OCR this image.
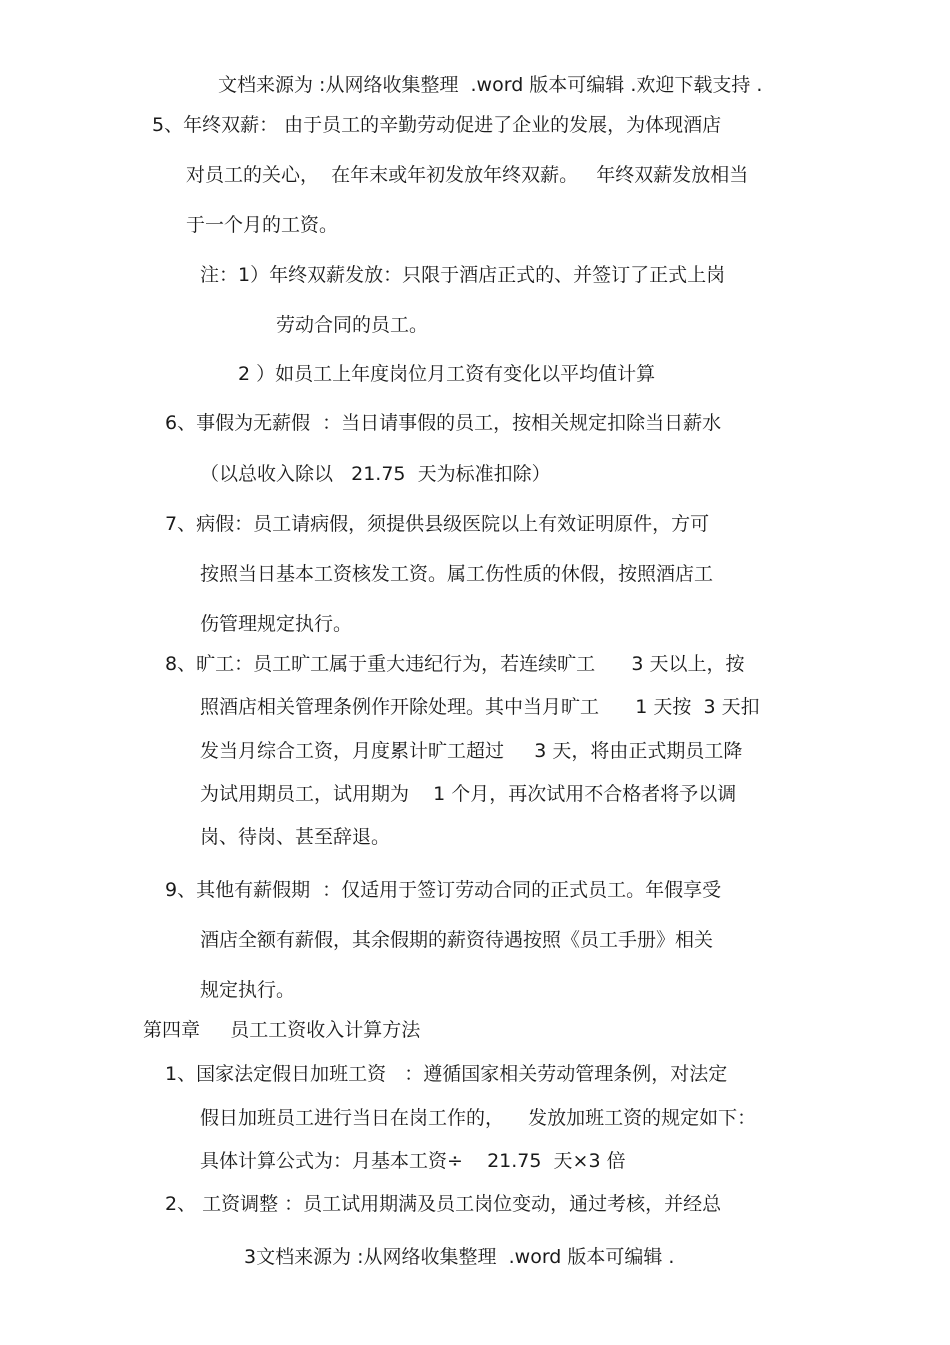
文档来源为 :从网络收集整理  .word 版本可编辑 .欢迎下载支持 .

5、年终双薪： 由于员工的辛勤劳动促进了企业的发展，为体现酒店

对员工的关心，  在年末或年初发放年终双薪。   年终双薪发放相当

于一个月的工资。

注：1）年终双薪发放：只限于酒店正式的、并签订了正式上岗

劳动合同的员工。

2 ）如员工上年度岗位月工资有变化以平均值计算

6、事假为无薪假  ：当日请事假的员工，按相关规定扣除当日薪水

（以总收入除以   21.75  天为标准扣除）

7、病假：员工请病假，须提供县级医院以上有效证明原件，方可

按照当日基本工资核发工资。属工伤性质的休假，按照酒店工

伤管理规定执行。

8、旷工：员工旷工属于重大违纪行为，若连续旷工      3 天以上，按

照酒店相关管理条例作开除处理。其中当月旷工      1 天按  3 天扣

发当月综合工资，月度累计旷工超过     3 天，将由正式期员工降

为试用期员工，试用期为    1 个月，再次试用不合格者将予以调

岗、待岗、甚至辞退。

9、其他有薪假期  ：仅适用于签订劳动合同的正式员工。年假享受

酒店全额有薪假，其余假期的薪资待遇按照《员工手册》相关

规定执行。

第四章     员工工资收入计算方法

1、国家法定假日加班工资   ：遵循国家相关劳动管理条例，对法定

假日加班员工进行当日在岗工作的，    发放加班工资的规定如下：

具体计算公式为：月基本工资÷    21.75  天×3 倍

2、 工资调整 ：员工试用期满及员工岗位变动，通过考核，并经总

3文档来源为 :从网络收集整理  .word 版本可编辑 .
